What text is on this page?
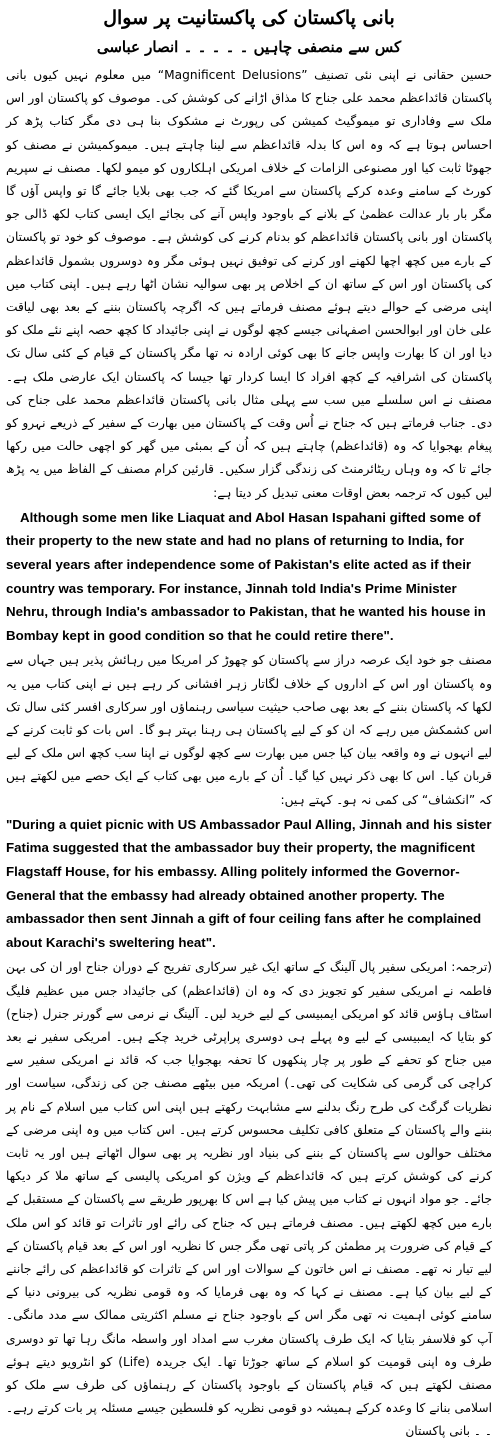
بانی پاکستان کی پاکستانیت پر سوال
کس سے منصفی چاہیں ۔ ۔ ۔ ۔ ۔ انصار عباسی

حسین حقانی نے اپنی نئی تصنیف ”Magnificent Delusions“ میں معلوم نہیں کیوں بانی پاکستان قائداعظم محمد علی جناح کا مذاق اڑانے کی کوشش کی۔ موصوف کو پاکستان اور اس ملک سے وفاداری تو میموگیٹ کمیشن کی رپورٹ نے مشکوک بنا ہی دی مگر کتاب پڑھ کر احساس ہوتا ہے کہ وہ اس کا بدلہ قائداعظم سے لینا چاہتے ہیں۔ میموکمیشن نے مصنف کو جھوٹا ثابت کیا اور مصنوعی الزامات کے خلاف امریکی اہلکاروں کو میمو لکھا۔ مصنف نے سپریم کورٹ کے سامنے وعدہ کرکے پاکستان سے امریکا گئے کہ جب بھی بلایا جائے گا تو واپس آؤں گا مگر بار بار عدالت عظمیٰ کے بلانے کے باوجود واپس آنے کی بجائے ایک ایسی کتاب لکھ ڈالی جو پاکستان اور بانی پاکستان قائداعظم کو بدنام کرنے کی کوشش ہے۔ موصوف کو خود تو پاکستان کے بارے میں کچھ اچھا لکھنے اور کرنے کی توفیق نہیں ہوئی مگر وہ دوسروں بشمول قائداعظم کی پاکستان اور اس کے ساتھ ان کے اخلاص پر بھی سوالیہ نشان اٹھا رہے ہیں۔ اپنی کتاب میں اپنی مرضی کے حوالے دیتے ہوئے مصنف فرماتے ہیں کہ اگرچہ پاکستان بننے کے بعد بھی لیاقت علی خان اور ابوالحسن اصفہانی جیسے کچھ لوگوں نے اپنی جائیداد کا کچھ حصہ اپنے نئے ملک کو دیا اور ان کا بھارت واپس جانے کا بھی کوئی ارادہ نہ تھا مگر پاکستان کے قیام کے کئی سال تک پاکستان کی اشرافیہ کے کچھ افراد کا ایسا کردار تھا جیسا کہ پاکستان ایک عارضی ملک ہے۔ مصنف نے اس سلسلے میں سب سے پہلی مثال بانی پاکستان قائداعظم محمد علی جناح کی دی۔ جناب فرماتے ہیں کہ جناح نے اُس وقت کے پاکستان میں بھارت کے سفیر کے ذریعے نہرو کو پیغام بھجوایا کہ وہ (قائداعظم) چاہتے ہیں کہ اُن کے بمبئی میں گھر کو اچھی حالت میں رکھا جائے تا کہ وہ وہاں ریٹائرمنٹ کی زندگی گزار سکیں۔ قارئین کرام مصنف کے الفاظ میں یہ پڑھ لیں کیوں کہ ترجمہ بعض اوقات معنی تبدیل کر دیتا ہے:

Although some men like Liaquat and Abol Hasan Ispahani gifted some of their property to the new state and had no plans of returning to India, for several years after independence some of Pakistan's elite acted as if their country was temporary. For instance, Jinnah told India's Prime Minister Nehru, through India's ambassador to Pakistan, that he wanted his house in Bombay kept in good condition so that he could retire there".

مصنف جو خود ایک عرصہ دراز سے پاکستان کو چھوڑ کر امریکا میں رہائش پذیر ہیں جہاں سے وہ پاکستان اور اس کے اداروں کے خلاف لگاتار زہر افشانی کر رہے ہیں نے اپنی کتاب میں یہ لکھا کہ پاکستان بننے کے بعد بھی صاحب حیثیت سیاسی رہنماؤں اور سرکاری افسر کئی سال تک اس کشمکش میں رہے کہ ان کو کے لیے پاکستان ہی رہنا بہتر ہو گا۔ اس بات کو ثابت کرنے کے لیے انہوں نے وہ واقعہ بیان کیا جس میں بھارت سے کچھ لوگوں نے اپنا سب کچھ اس ملک کے لیے قربان کیا۔ اس کا بھی ذکر نہیں کیا گیا۔ اُن کے بارے میں بھی کتاب کے ایک حصے میں لکھتے ہیں کہ ”انکشاف“ کی کمی نہ ہو۔ کہتے ہیں:

"During a quiet picnic with US Ambassador Paul Alling, Jinnah and his sister Fatima suggested that the ambassador buy their property, the magnificent Flagstaff House, for his embassy. Alling politely informed the Governor-General that the embassy had already obtained another property. The ambassador then sent Jinnah a gift of four ceiling fans after he complained about Karachi's sweltering heat".

(ترجمہ: امریکی سفیر پال آلینگ کے ساتھ ایک غیر سرکاری تفریح کے دوران جناح اور ان کی بہن فاطمہ نے امریکی سفیر کو تجویز دی کہ وہ ان (قائداعظم) کی جائیداد جس میں عظیم فلیگ اسٹاف ہاؤس قائد کو امریکی ایمبیسی کے لیے خرید لیں۔ آلینگ نے نرمی سے گورنر جنرل (جناح) کو بتایا کہ ایمبیسی کے لیے وہ پہلے ہی دوسری پراپرٹی خرید چکے ہیں۔ امریکی سفیر نے بعد میں جناح کو تحفے کے طور پر چار پنکھوں کا تحفہ بھجوایا جب کہ قائد نے امریکی سفیر سے کراچی کی گرمی کی شکایت کی تھی۔) امریکہ میں بیٹھے مصنف جن کی زندگی، سیاست اور نظریات گرگٹ کی طرح رنگ بدلنے سے مشابہت رکھتے ہیں اپنی اس کتاب میں اسلام کے نام پر بننے والے پاکستان کے متعلق کافی تکلیف محسوس کرتے ہیں۔ اس کتاب میں وہ اپنی مرضی کے مختلف حوالوں سے پاکستان کے بننے کی بنیاد اور نظریہ پر بھی سوال اٹھاتے ہیں اور یہ ثابت کرنے کی کوشش کرتے ہیں کہ قائداعظم کے ویژن کو امریکی پالیسی کے ساتھ ملا کر دیکھا جائے۔ جو مواد انہوں نے کتاب میں پیش کیا ہے اس کا بھرپور طریقے سے پاکستان کے مستقبل کے بارے میں کچھ لکھتے ہیں۔ مصنف فرماتے ہیں کہ جناح کی رائے اور تاثرات تو قائد کو اس ملک کے قیام کی ضرورت پر مطمئن کر پاتی تھی مگر جس کا نظریہ اور اس کے بعد قیام پاکستان کے لیے تیار نہ تھے۔ مصنف نے اس خاتون کے سوالات اور اس کے تاثرات کو قائداعظم کی رائے جاننے کے لیے بیان کیا ہے۔ مصنف نے کہا کہ وہ بھی فرمایا کہ وہ قومی نظریہ کی بیرونی دنیا کے سامنے کوئی اہمیت نہ تھی مگر اس کے باوجود جناح نے مسلم اکثریتی ممالک سے مدد مانگی۔ آپ کو فلاسفر بتایا کہ ایک طرف پاکستان مغرب سے امداد اور واسطہ مانگ رہا تھا تو دوسری طرف وہ اپنی قومیت کو اسلام کے ساتھ جوڑتا تھا۔ ایک جریدہ (Life) کو انٹرویو دیتے ہوئے مصنف لکھتے ہیں کہ قیام پاکستان کے باوجود پاکستان کے رہنماؤں کی طرف سے ملک کو اسلامی بنانے کا وعدہ کرکے ہمیشہ دو قومی نظریہ کو فلسطین جیسے مسئلہ پر بات کرتے رہے۔ ۔ ۔ بانی پاکستان
